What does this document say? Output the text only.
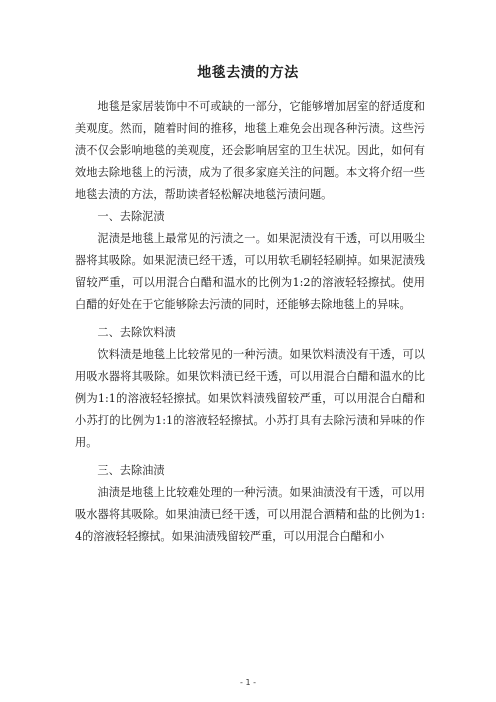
地毯去渍的方法

地毯是家居装饰中不可或缺的一部分，它能够增加居室的舒适度和美观度。然而，随着时间的推移，地毯上难免会出现各种污渍。这些污渍不仅会影响地毯的美观度，还会影响居室的卫生状况。因此，如何有效地去除地毯上的污渍，成为了很多家庭关注的问题。本文将介绍一些地毯去渍的方法，帮助读者轻松解决地毯污渍问题。

一、去除泥渍

泥渍是地毯上最常见的污渍之一。如果泥渍没有干透，可以用吸尘器将其吸除。如果泥渍已经干透，可以用软毛刷轻轻刷掉。如果泥渍残留较严重，可以用混合白醋和温水的比例为1:2的溶液轻轻擦拭。使用白醋的好处在于它能够除去污渍的同时，还能够去除地毯上的异味。

二、去除饮料渍

饮料渍是地毯上比较常见的一种污渍。如果饮料渍没有干透，可以用吸水器将其吸除。如果饮料渍已经干透，可以用混合白醋和温水的比例为1:1的溶液轻轻擦拭。如果饮料渍残留较严重，可以用混合白醋和小苏打的比例为1:1的溶液轻轻擦拭。小苏打具有去除污渍和异味的作用。

三、去除油渍

油渍是地毯上比较难处理的一种污渍。如果油渍没有干透，可以用吸水器将其吸除。如果油渍已经干透，可以用混合酒精和盐的比例为1:4的溶液轻轻擦拭。如果油渍残留较严重，可以用混合白醋和小

- 1 -
